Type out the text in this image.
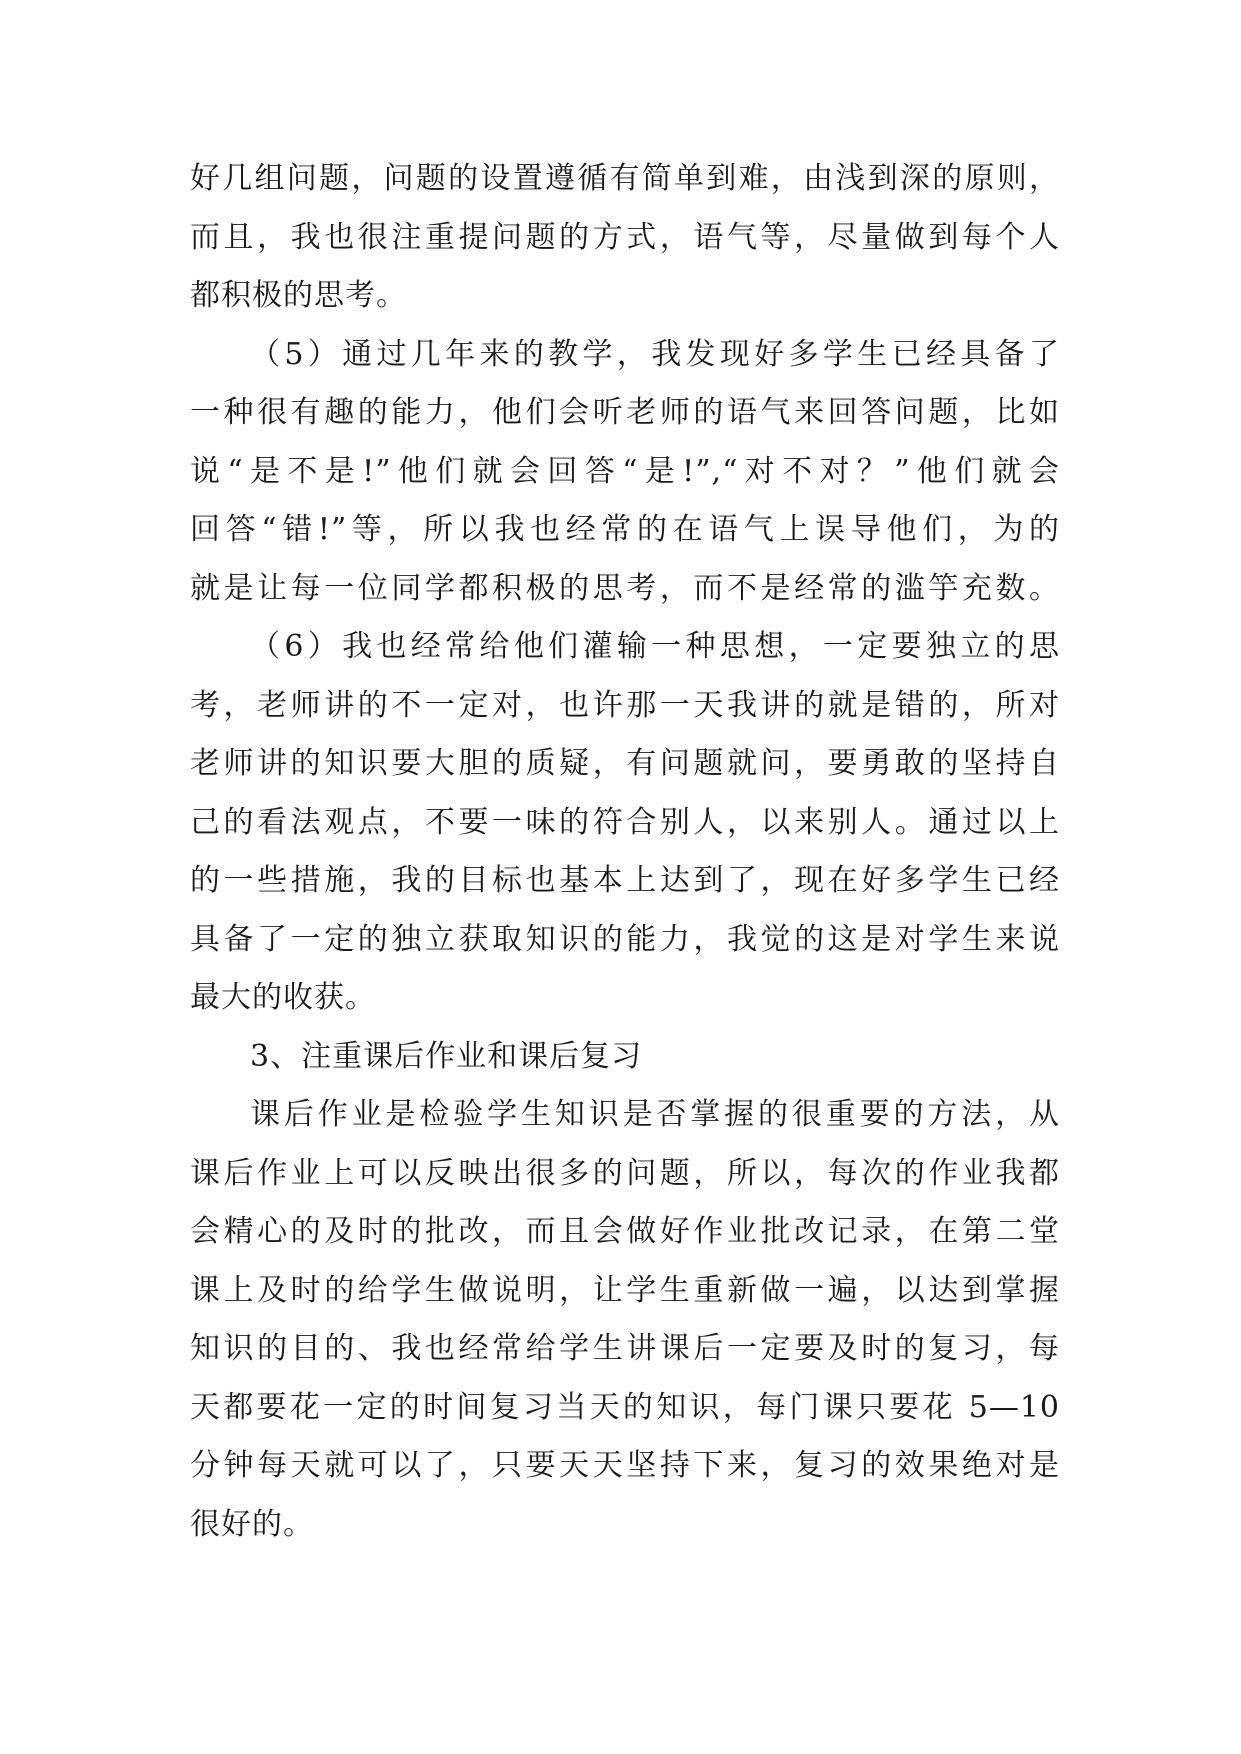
好几组问题，问题的设置遵循有简单到难，由浅到深的原则，
而且，我也很注重提问题的方式，语气等，尽量做到每个人
都积极的思考。
（5）通过几年来的教学，我发现好多学生已经具备了
一种很有趣的能力，他们会听老师的语气来回答问题，比如
说“是不是!”他们就会回答“是!”,“对不对？”他们就会
回答“错!”等，所以我也经常的在语气上误导他们，为的
就是让每一位同学都积极的思考，而不是经常的滥竽充数。
（6）我也经常给他们灌输一种思想，一定要独立的思
考，老师讲的不一定对，也许那一天我讲的就是错的，所对
老师讲的知识要大胆的质疑，有问题就问，要勇敢的坚持自
己的看法观点，不要一味的符合别人，以来别人。通过以上
的一些措施，我的目标也基本上达到了，现在好多学生已经
具备了一定的独立获取知识的能力，我觉的这是对学生来说
最大的收获。
3、注重课后作业和课后复习
课后作业是检验学生知识是否掌握的很重要的方法，从
课后作业上可以反映出很多的问题，所以，每次的作业我都
会精心的及时的批改，而且会做好作业批改记录，在第二堂
课上及时的给学生做说明，让学生重新做一遍，以达到掌握
知识的目的、我也经常给学生讲课后一定要及时的复习，每
天都要花一定的时间复习当天的知识，每门课只要花 5—10
分钟每天就可以了，只要天天坚持下来，复习的效果绝对是
很好的。
